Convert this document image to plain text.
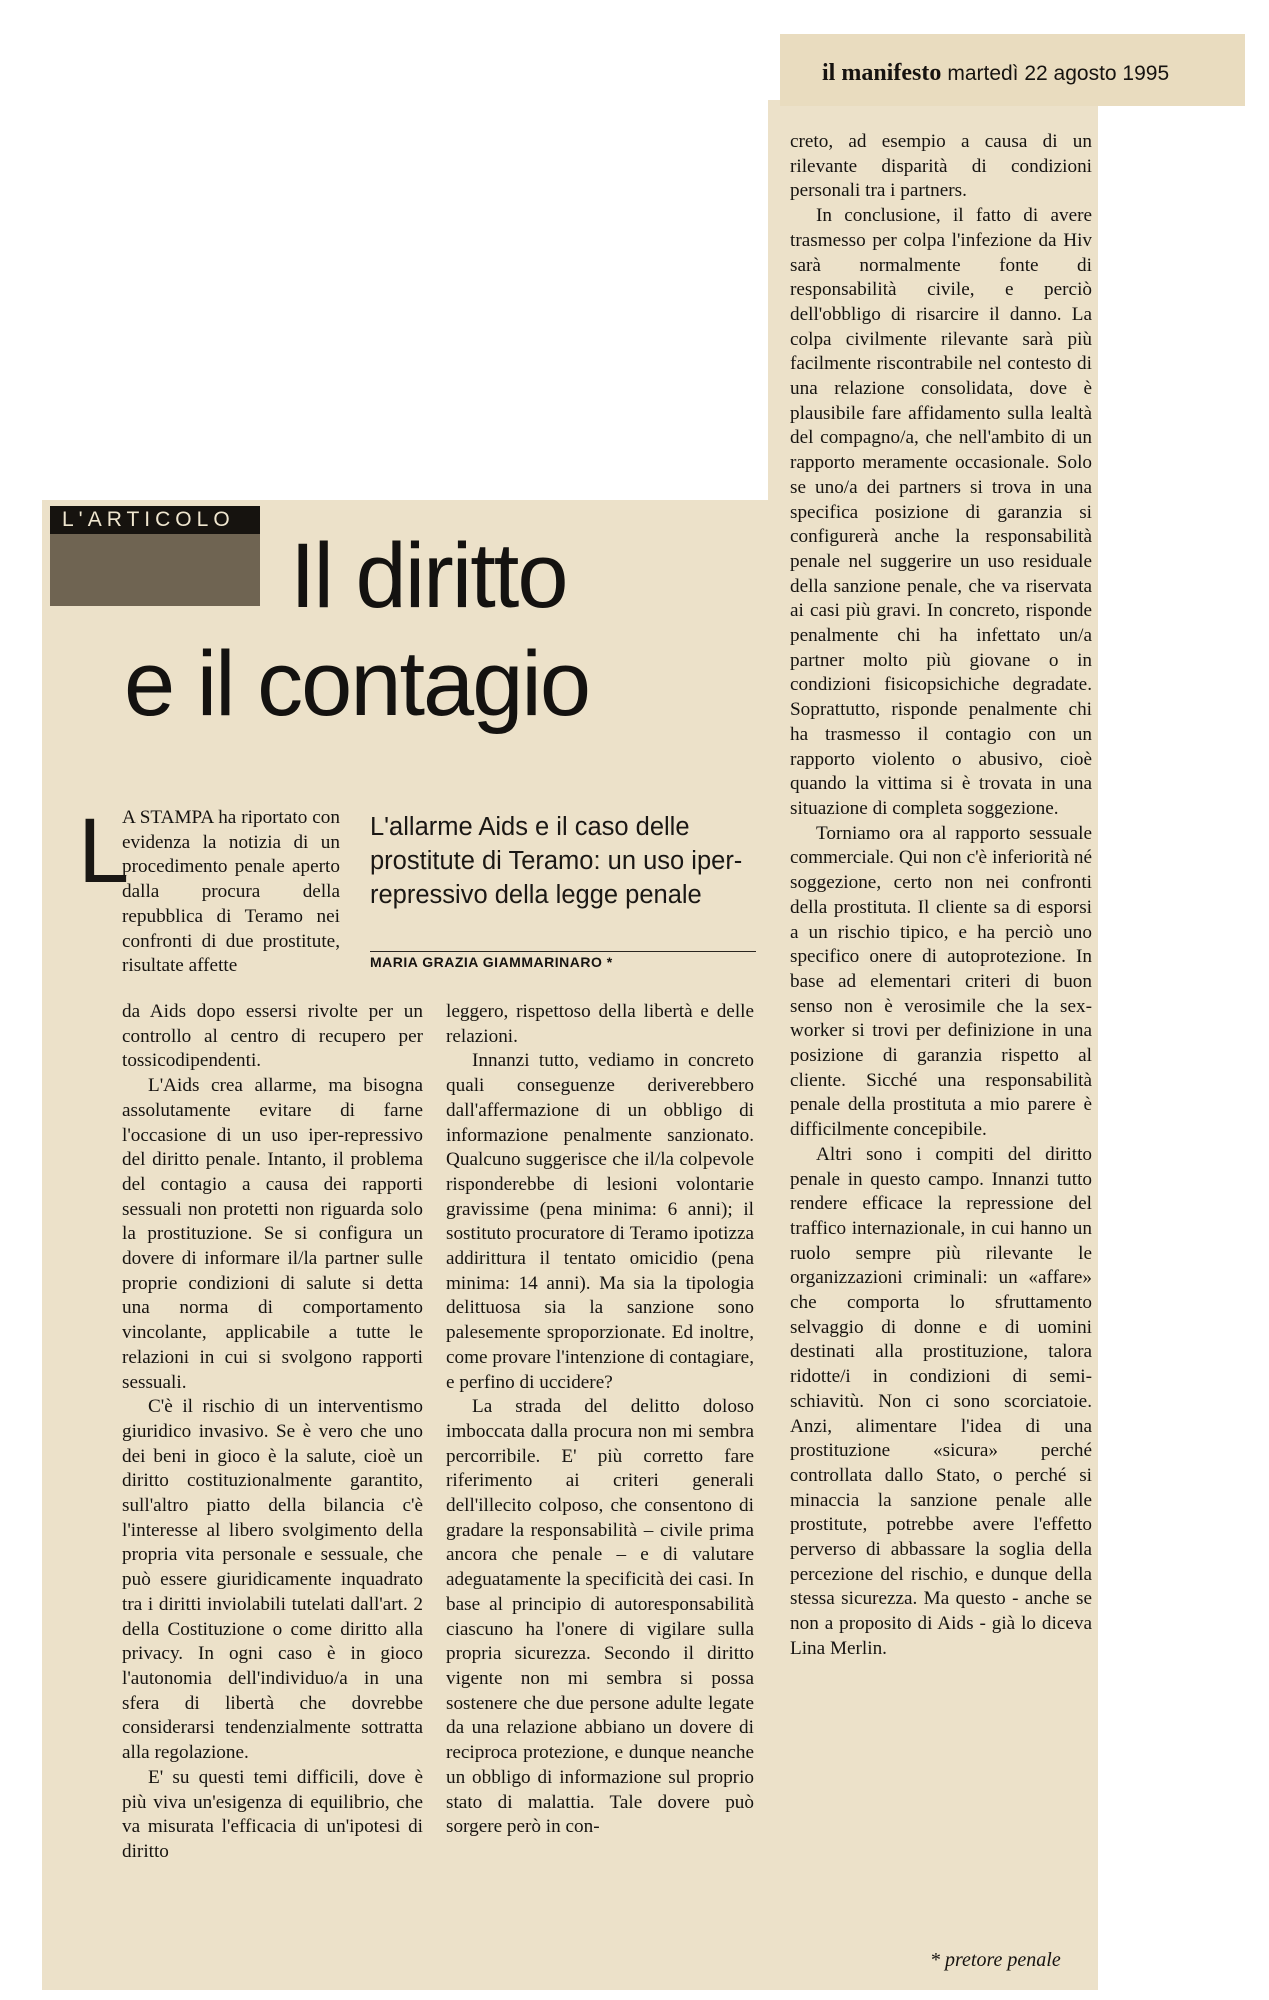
il manifesto martedì 22 agosto 1995
L'ARTICOLO
Il diritto
e il contagio
L

A STAMPA ha riportato con evidenza la notizia di un procedimento penale aperto dalla procura della repubblica di Teramo nei confronti di due prostitute, risultate affette

L'allarme Aids e il caso delle prostitute di Teramo: un uso iper-repressivo della legge penale
MARIA GRAZIA GIAMMARINARO *

da Aids dopo essersi rivolte per un controllo al centro di recupero per tossicodipendenti.

L'Aids crea allarme, ma bisogna assolutamente evitare di farne l'occasione di un uso iper-repressivo del diritto penale. Intanto, il problema del contagio a causa dei rapporti sessuali non protetti non riguarda solo la prostituzione. Se si configura un dovere di informare il/la partner sulle proprie condizioni di salute si detta una norma di comportamento vincolante, applicabile a tutte le relazioni in cui si svolgono rapporti sessuali.

C'è il rischio di un interventismo giuridico invasivo. Se è vero che uno dei beni in gioco è la salute, cioè un diritto costituzionalmente garantito, sull'altro piatto della bilancia c'è l'interesse al libero svolgimento della propria vita personale e sessuale, che può essere giuridicamente inquadrato tra i diritti inviolabili tutelati dall'art. 2 della Costituzione o come diritto alla privacy. In ogni caso è in gioco l'autonomia dell'individuo/a in una sfera di libertà che dovrebbe considerarsi tendenzialmente sottratta alla regolazione.

E' su questi temi difficili, dove è più viva un'esigenza di equilibrio, che va misurata l'efficacia di un'ipotesi di diritto

leggero, rispettoso della libertà e delle relazioni.

Innanzi tutto, vediamo in concreto quali conseguenze deriverebbero dall'affermazione di un obbligo di informazione penalmente sanzionato. Qualcuno suggerisce che il/la colpevole risponderebbe di lesioni volontarie gravissime (pena minima: 6 anni); il sostituto procuratore di Teramo ipotizza addirittura il tentato omicidio (pena minima: 14 anni). Ma sia la tipologia delittuosa sia la sanzione sono palesemente sproporzionate. Ed inoltre, come provare l'intenzione di contagiare, e perfino di uccidere?

La strada del delitto doloso imboccata dalla procura non mi sembra percorribile. E' più corretto fare riferimento ai criteri generali dell'illecito colposo, che consentono di gradare la responsabilità – civile prima ancora che penale – e di valutare adeguatamente la specificità dei casi. In base al principio di autoresponsabilità ciascuno ha l'onere di vigilare sulla propria sicurezza. Secondo il diritto vigente non mi sembra si possa sostenere che due persone adulte legate da una relazione abbiano un dovere di reciproca protezione, e dunque neanche un obbligo di informazione sul proprio stato di malattia. Tale dovere può sorgere però in con-

creto, ad esempio a causa di un rilevante disparità di condizioni personali tra i partners.

In conclusione, il fatto di avere trasmesso per colpa l'infezione da Hiv sarà normalmente fonte di responsabilità civile, e perciò dell'obbligo di risarcire il danno. La colpa civilmente rilevante sarà più facilmente riscontrabile nel contesto di una relazione consolidata, dove è plausibile fare affidamento sulla lealtà del compagno/a, che nell'ambito di un rapporto meramente occasionale. Solo se uno/a dei partners si trova in una specifica posizione di garanzia si configurerà anche la responsabilità penale nel suggerire un uso residuale della sanzione penale, che va riservata ai casi più gravi. In concreto, risponde penalmente chi ha infettato un/a partner molto più giovane o in condizioni fisicopsichiche degradate. Soprattutto, risponde penalmente chi ha trasmesso il contagio con un rapporto violento o abusivo, cioè quando la vittima si è trovata in una situazione di completa soggezione.

Torniamo ora al rapporto sessuale commerciale. Qui non c'è inferiorità né soggezione, certo non nei confronti della prostituta. Il cliente sa di esporsi a un rischio tipico, e ha perciò uno specifico onere di autoprotezione. In base ad elementari criteri di buon senso non è verosimile che la sex-worker si trovi per definizione in una posizione di garanzia rispetto al cliente. Sicché una responsabilità penale della prostituta a mio parere è difficilmente concepibile.

Altri sono i compiti del diritto penale in questo campo. Innanzi tutto rendere efficace la repressione del traffico internazionale, in cui hanno un ruolo sempre più rilevante le organizzazioni criminali: un «affare» che comporta lo sfruttamento selvaggio di donne e di uomini destinati alla prostituzione, talora ridotte/i in condizioni di semi-schiavitù. Non ci sono scorciatoie. Anzi, alimentare l'idea di una prostituzione «sicura» perché controllata dallo Stato, o perché si minaccia la sanzione penale alle prostitute, potrebbe avere l'effetto perverso di abbassare la soglia della percezione del rischio, e dunque della stessa sicurezza. Ma questo - anche se non a proposito di Aids - già lo diceva Lina Merlin.

* pretore penale
